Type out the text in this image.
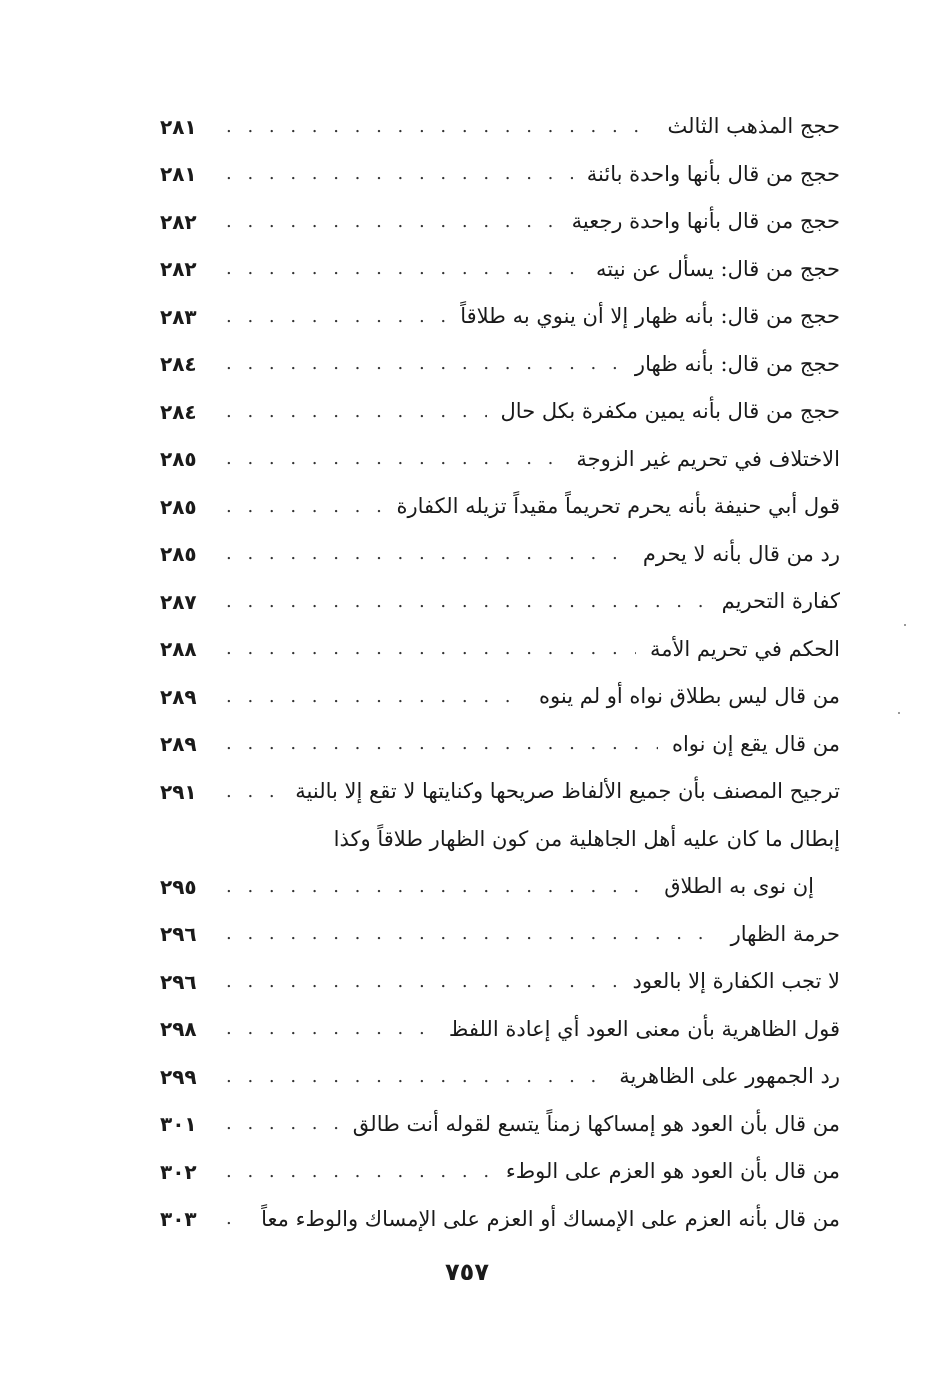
حجج المذهب الثالث
. . .
٢٨١
حجج من قال بأنها واحدة بائنة
. . .
٢٨١
حجج من قال بأنها واحدة رجعية
. . .
٢٨٢
حجج من قال: يسأل عن نيته
. . .
٢٨٢
حجج من قال: بأنه ظهار إلا أن ينوي به طلاقاً
. . .
٢٨٣
حجج من قال: بأنه ظهار
. . .
٢٨٤
حجج من قال بأنه يمين مكفرة بكل حال
. . .
٢٨٤
الاختلاف في تحريم غير الزوجة
. . .
٢٨٥
قول أبي حنيفة بأنه يحرم تحريماً مقيداً تزيله الكفارة
. . .
٢٨٥
رد من قال بأنه لا يحرم
. . .
٢٨٥
كفارة التحريم
. . .
٢٨٧
الحكم في تحريم الأمة
. . .
٢٨٨
من قال ليس بطلاق نواه أو لم ينوه
. . .
٢٨٩
من قال يقع إن نواه
. . .
٢٨٩
ترجيح المصنف بأن جميع الألفاظ صريحها وكنايتها لا تقع إلا بالنية
. . .
٢٩١
إبطال ما كان عليه أهل الجاهلية من كون الظهار طلاقاً وكذا
إن نوى به الطلاق
. . .
٢٩٥
حرمة الظهار
. . .
٢٩٦
لا تجب الكفارة إلا بالعود
. . .
٢٩٦
قول الظاهرية بأن معنى العود أي إعادة اللفظ
. . .
٢٩٨
رد الجمهور على الظاهرية
. . .
٢٩٩
من قال بأن العود هو إمساكها زمناً يتسع لقوله أنت طالق
. . .
٣٠١
من قال بأن العود هو العزم على الوطء
. . .
٣٠٢
من قال بأنه العزم على الإمساك أو العزم على الإمساك والوطء معاً
. . .
٣٠٣
٧٥٧
